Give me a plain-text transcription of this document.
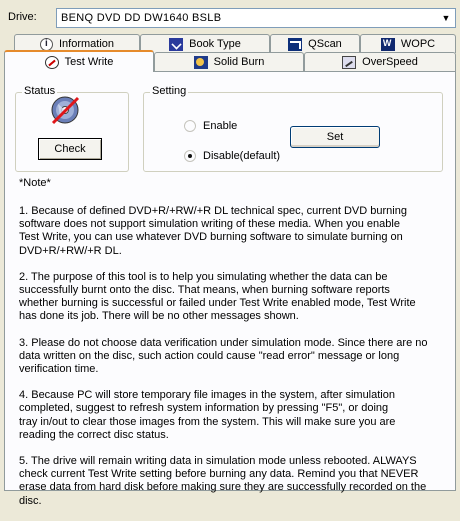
Drive: BENQ DVD DD DW1640 BSLB	▼
i
Information	Book Type	QScan
W	WOPC
Test Write	Solid Burn	OverSpeed
Status
Check
Setting
Enable
Disable(default)
Set
*Note*
1. Because of defined DVD+R/+RW/+R DL technical spec, current DVD burning
software does not support simulation writing of these media. When you enable
Test Write, you can use whatever DVD burning software to simulate burning on
DVD+R/+RW/+R DL.
2. The purpose of this tool is to help you simulating whether the data can be
successfully burnt onto the disc. That means, when burning software reports
whether burning is successful or failed under Test Write enabled mode, Test Write
has done its job. There will be no other messages shown.
3. Please do not choose data verification under simulation mode. Since there are no
data written on the disc, such action could cause "read error" message or long
verification time.
4. Because PC will store temporary file images in the system, after simulation
completed, suggest to refresh system information by pressing "F5", or doing
tray in/out to clear those images from the system. This will make sure you are
reading the correct disc status.
5. The drive will remain writing data in simulation mode unless rebooted. ALWAYS
check current Test Write setting before burning any data. Remind you that NEVER
erase data from hard disk before making sure they are successfully recorded on the
disc.
